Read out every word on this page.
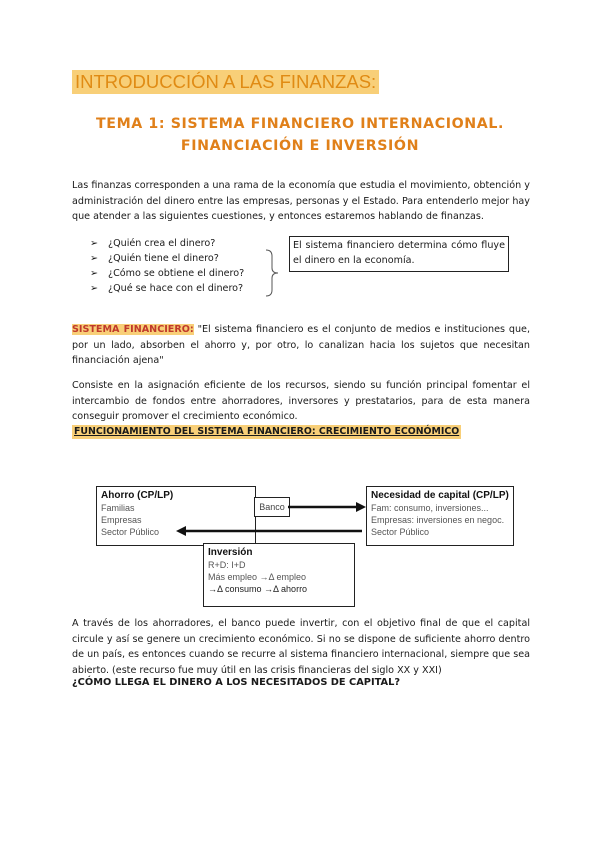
INTRODUCCIÓN A LAS FINANZAS:
TEMA 1: SISTEMA FINANCIERO INTERNACIONAL.
FINANCIACIÓN E INVERSIÓN
Las finanzas corresponden a una rama de la economía que estudia el movimiento, obtención y administración del dinero entre las empresas, personas y el Estado. Para entenderlo mejor hay que atender a las siguientes cuestiones, y entonces estaremos hablando de finanzas.
➢ ¿Quién crea el dinero?
➢ ¿Quién tiene el dinero?
➢ ¿Cómo se obtiene el dinero?
➢ ¿Qué se hace con el dinero?
El sistema financiero determina cómo fluye el dinero en la economía.
SISTEMA FINANCIERO: "El sistema financiero es el conjunto de medios e instituciones que, por un lado, absorben el ahorro y, por otro, lo canalizan hacia los sujetos que necesitan financiación ajena"
Consiste en la asignación eficiente de los recursos, siendo su función principal fomentar el intercambio de fondos entre ahorradores, inversores y prestatarios, para de esta manera conseguir promover el crecimiento económico.
FUNCIONAMIENTO DEL SISTEMA FINANCIERO: CRECIMIENTO ECONÓMICO
Ahorro (CP/LP)
Familias
Empresas
Sector Público
Banco
Necesidad de capital (CP/LP)
Fam: consumo, inversiones...
Empresas: inversiones en negoc.
Sector Público
Inversión
R+D: I+D
Más empleo →Δ empleo
→Δ consumo →Δ ahorro
A través de los ahorradores, el banco puede invertir, con el objetivo final de que el capital circule y así se genere un crecimiento económico. Si no se dispone de suficiente ahorro dentro de un país, es entonces cuando se recurre al sistema financiero internacional, siempre que sea abierto. (este recurso fue muy útil en las crisis financieras del siglo XX y XXI)
¿CÓMO LLEGA EL DINERO A LOS NECESITADOS DE CAPITAL?
